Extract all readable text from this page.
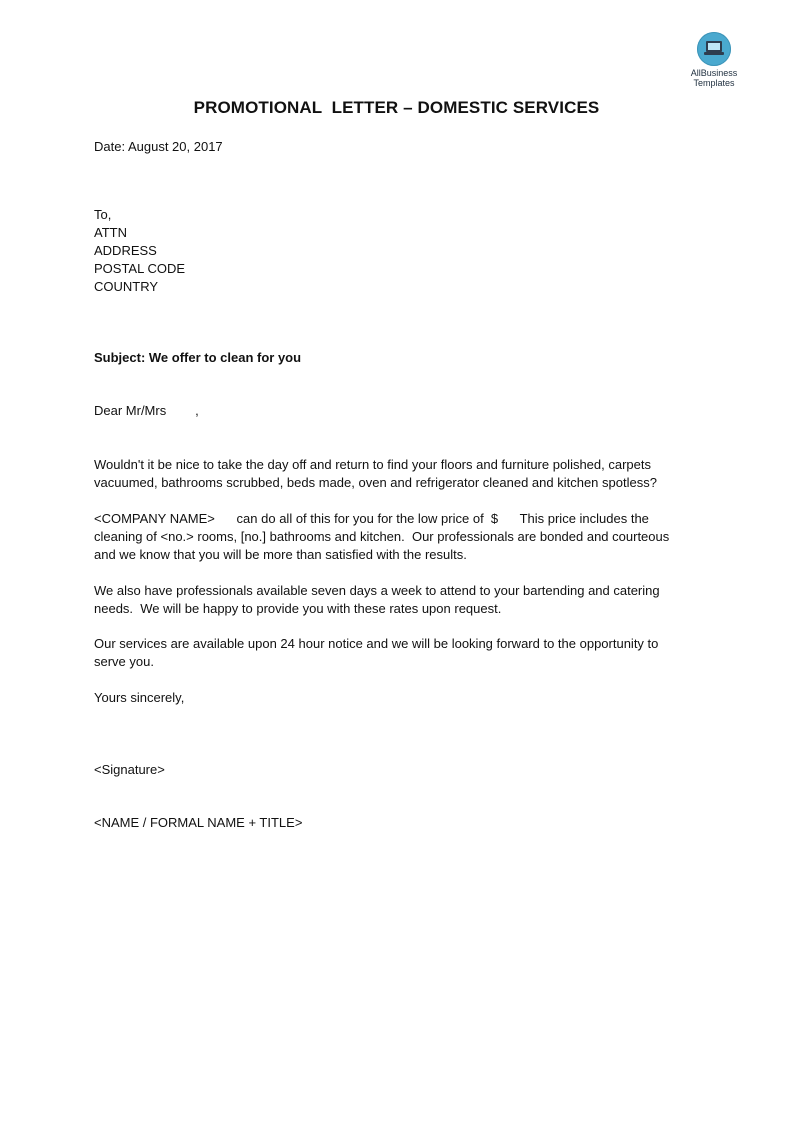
AllBusiness
Templates
PROMOTIONAL  LETTER – DOMESTIC SERVICES
Date: August 20, 2017
To,
ATTN
ADDRESS
POSTAL CODE
COUNTRY
Subject: We offer to clean for you
Dear Mr/Mrs        ,
Wouldn't it be nice to take the day off and return to find your floors and furniture polished, carpets
vacuumed, bathrooms scrubbed, beds made, oven and refrigerator cleaned and kitchen spotless?
<COMPANY NAME>      can do all of this for you for the low price of  $      This price includes the
cleaning of <no.> rooms, [no.] bathrooms and kitchen.  Our professionals are bonded and courteous
and we know that you will be more than satisfied with the results.
We also have professionals available seven days a week to attend to your bartending and catering
needs.  We will be happy to provide you with these rates upon request.
Our services are available upon 24 hour notice and we will be looking forward to the opportunity to
serve you.
Yours sincerely,
<Signature>
<NAME / FORMAL NAME + TITLE>
